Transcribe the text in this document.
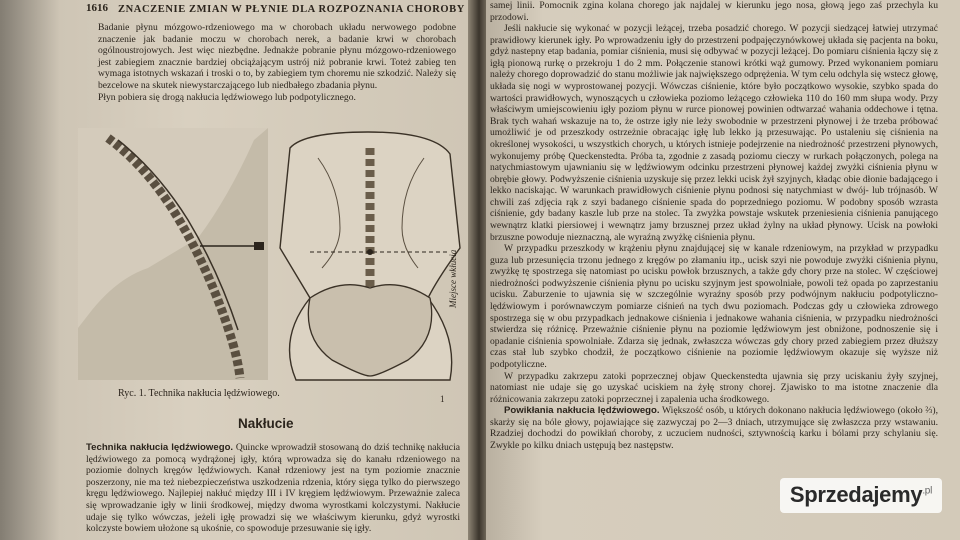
1616 ZNACZENIE ZMIAN W PŁYNIE DLA ROZPOZNANIA CHOROBY
Badanie płynu mózgowo-rdzeniowego ma w chorobach układu nerwowego podobne znaczenie jak badanie moczu w chorobach nerek, a badanie krwi w chorobach ogólnoustrojowych. Jest więc niezbędne. Jednakże pobranie płynu mózgowo-rdzeniowego jest zabiegiem znacznie bardziej obciążającym ustrój niż pobranie krwi. Toteż zabieg ten wymaga istotnych wskazań i troski o to, by zabiegiem tym choremu nie szkodzić. Należy się bezcelowe na skutek niewystarczającego lub niedbałego zbadania płynu.
Płyn pobiera się drogą nakłucia lędźwiowego lub podpotylicznego.
Miejsce wkłucia
Ryc. 1. Technika nakłucia lędźwiowego.	1
Nakłucie
Technika nakłucia lędźwiowego. Quincke wprowadził stosowaną do dziś technikę nakłucia lędźwiowego za pomocą wydrążonej igły, którą wprowadza się do kanału rdzeniowego na poziomie dolnych kręgów lędźwiowych. Kanał rdzeniowy jest na tym poziomie znacznie poszerzony, nie ma też niebezpieczeństwa uszkodzenia rdzenia, który sięga tylko do pierwszego kręgu lędźwiowego. Najlepiej nakłuć między III i IV kręgiem lędźwiowym. Przeważnie zaleca się wprowadzanie igły w linii środkowej, między dwoma wyrostkami kolczystymi. Nakłucie udaje się tylko wówczas, jeżeli igłę prowadzi się we właściwym kierunku, gdyż wyrostki kolczyste bowiem ułożone są ukośnie, co spowoduje przesuwanie się igły.

samej linii. Pomocnik zgina kolana chorego jak najdalej w kierunku jego nosa, głową jego zaś przechyla ku przodowi.

Jeśli nakłucie się wykonać w pozycji leżącej, trzeba posadzić chorego. W pozycji siedzącej łatwiej utrzymać prawidłowy kierunek igły. Po wprowadzeniu igły do przestrzeni podpajęczynówkowej układa się pacjenta na boku, gdyż nastepny etap badania, pomiar ciśnienia, musi się odbywać w pozycji leżącej. Do pomiaru ciśnienia łączy się z igłą pionową rurkę o przekroju 1 do 2 mm. Połączenie stanowi krótki wąż gumowy. Przed wykonaniem pomiaru należy chorego doprowadzić do stanu możliwie jak największego odprężenia. W tym celu odchyla się wstecz głowę, układa się nogi w wyprostowanej pozycji. Wówczas ciśnienie, które było początkowo wysokie, szybko spada do wartości prawidłowych, wynoszących u człowieka poziomo leżącego człowieka 110 do 160 mm słupa wody. Przy właściwym umiejscowieniu igły poziom płynu w rurce pionowej powinien odtwarzać wahania oddechowe i tętna. Brak tych wahań wskazuje na to, że ostrze igły nie leży swobodnie w przestrzeni płynowej i że trzeba próbować umożliwić je od przeszkody ostrzeżnie obracając igłę lub lekko ją przesuwając. Po ustaleniu się ciśnienia na określonej wysokości, u wszystkich chorych, u których istnieje podejrzenie na niedrożność przestrzeni płynowych, wykonujemy próbę Queckenstedta. Próba ta, zgodnie z zasadą poziomu cieczy w rurkach połączonych, polega na natychmiastowym ujawnianiu się w lędźwiowym odcinku przestrzeni płynowej każdej zwyżki ciśnienia płynu w obrębie głowy. Podwyższenie ciśnienia uzyskuje się przez lekki ucisk żył szyjnych, kładąc obie dłonie badającego i lekko naciskając. W warunkach prawidłowych ciśnienie płynu podnosi się natychmiast w dwój- lub trójnasób. W chwili zaś zdjęcia rąk z szyi badanego ciśnienie spada do poprzedniego poziomu. W podobny sposób wzrasta ciśnienie, gdy badany kaszle lub prze na stolec. Ta zwyżka powstaje wskutek przeniesienia ciśnienia panującego wewnątrz klatki piersiowej i wewnątrz jamy brzusznej przez układ żylny na układ płynowy. Ucisk na powłoki brzuszne powoduje nieznaczną, ale wyraźną zwyżkę ciśnienia płynu.

W przypadku przeszkody w krążeniu płynu znajdującej się w kanale rdzeniowym, na przykład w przypadku guza lub przesunięcia trzonu jednego z kręgów po złamaniu itp., ucisk szyi nie powoduje zwyżki ciśnienia płynu, zwyżkę tę spostrzega się natomiast po ucisku powłok brzusznych, a także gdy chory prze na stolec. W częściowej niedrożności podwyższenie ciśnienia płynu po ucisku szyjnym jest spowolniałe, powoli też opada po zaprzestaniu ucisku. Zaburzenie to ujawnia się w szczególnie wyraźny sposób przy podwójnym nakłuciu podpotyliczno-lędźwiowym i porównawczym pomiarze ciśnień na tych dwu poziomach. Podczas gdy u człowieka zdrowego spostrzega się w obu przypadkach jednakowe ciśnienia i jednakowe wahania ciśnienia, w przypadku niedrożności stwierdza się różnicę. Przeważnie ciśnienie płynu na poziomie lędźwiowym jest obniżone, podnoszenie się i opadanie ciśnienia spowolniałe. Zdarza się jednak, zwłaszcza wówczas gdy chory przed zabiegiem przez dłuższy czas stał lub szybko chodził, że początkowo ciśnienie na poziomie lędźwiowym okazuje się wyższe niż podpotyliczne.

W przypadku zakrzepu zatoki poprzecznej objaw Queckenstedta ujawnia się przy uciskaniu żyły szyjnej, natomiast nie udaje się go uzyskać uciskiem na żyłę strony chorej. Zjawisko to ma istotne znaczenie dla różnicowania zakrzepu zatoki poprzecznej i zapalenia ucha środkowego.

Powikłania nakłucia lędźwiowego. Większość osób, u których dokonano nakłucia lędźwiowego (około ⅔), skarży się na bóle głowy, pojawiające się zazwyczaj po 2—3 dniach, utrzymujące się zwłaszcza przy wstawaniu. Rzadziej dochodzi do powikłań choroby, z uczuciem nudności, sztywnością karku i bólami przy schylaniu się. Zwykle po kilku dniach ustępują bez następstw.

Sprzedajemy$^{.pl}$
